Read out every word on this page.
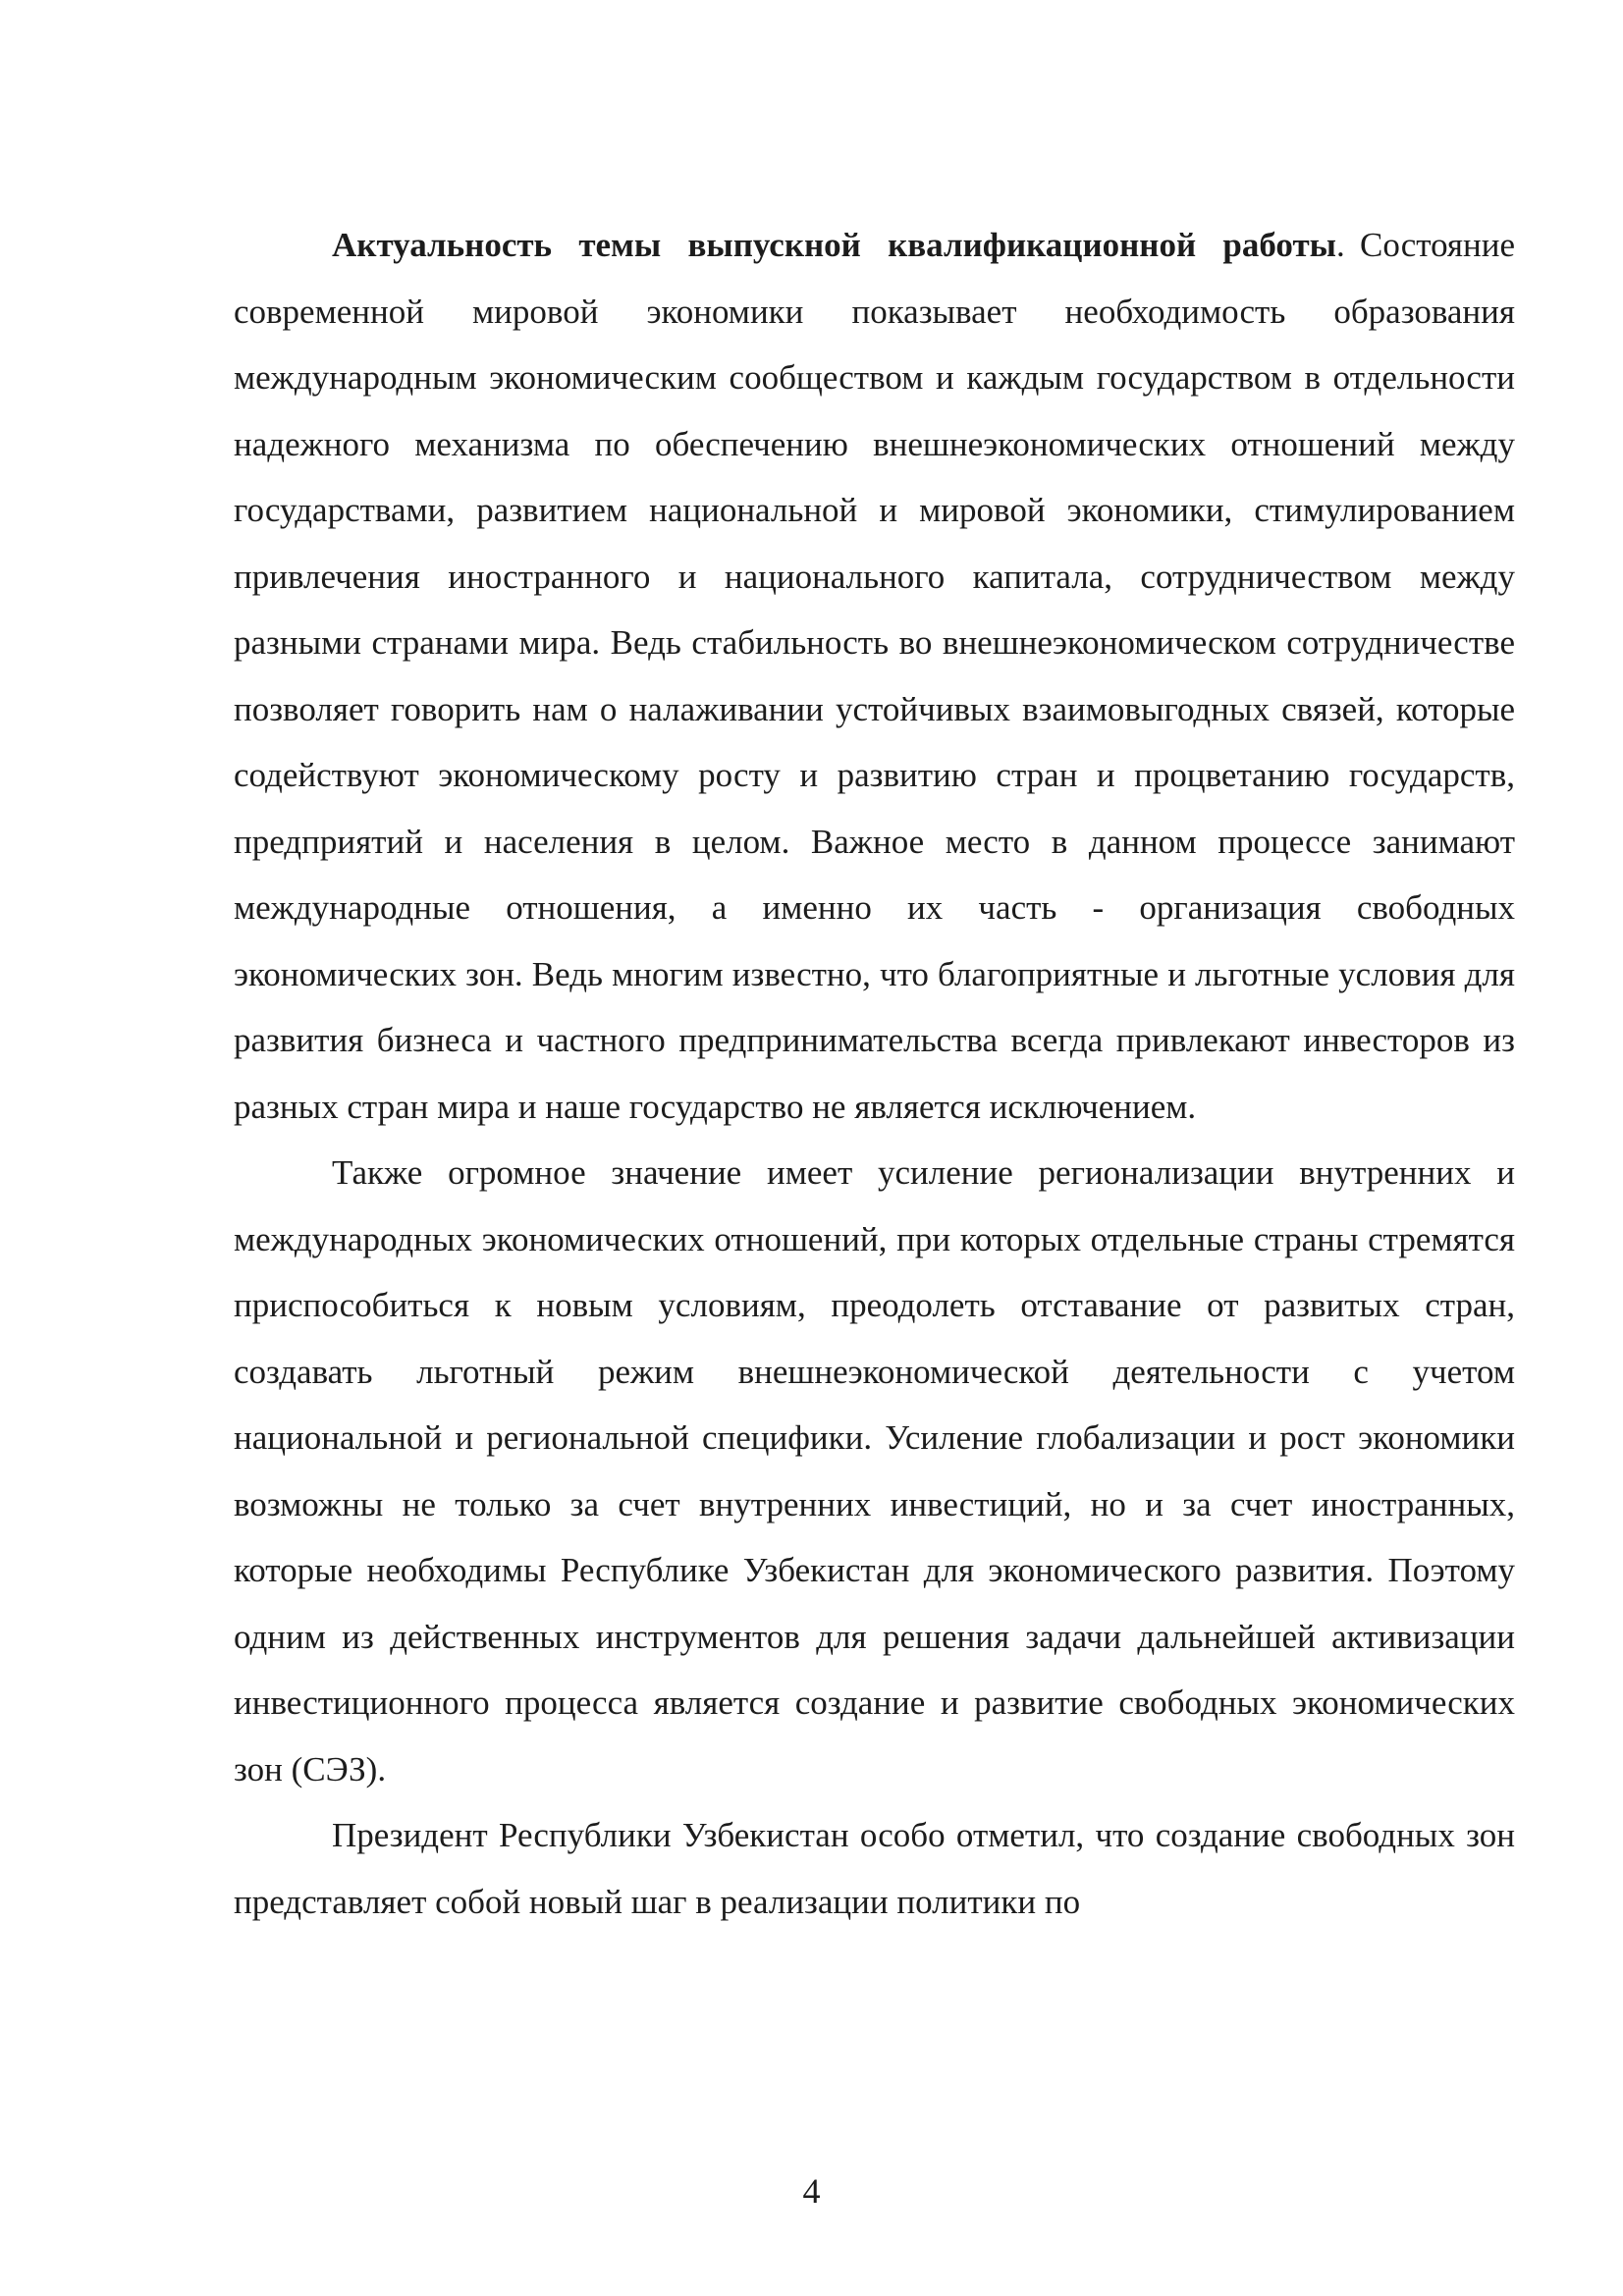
Актуальность темы выпускной квалификационной работы. Состояние современной мировой экономики показывает необходимость образования международным экономическим сообществом и каждым государством в отдельности надежного механизма по обеспечению внешнеэкономических отношений между государствами, развитием национальной и мировой экономики, стимулированием привлечения иностранного и национального капитала, сотрудничеством между разными странами мира. Ведь стабильность во внешнеэкономическом сотрудничестве позволяет говорить нам о налаживании устойчивых взаимовыгодных связей, которые содействуют экономическому росту и развитию стран и процветанию государств, предприятий и населения в целом. Важное место в данном процессе занимают международные отношения, а именно их часть - организация свободных экономических зон. Ведь многим известно, что благоприятные и льготные условия для развития бизнеса и частного предпринимательства всегда привлекают инвесторов из разных стран мира и наше государство не является исключением.

Также огромное значение имеет усиление регионализации внутренних и международных экономических отношений, при которых отдельные страны стремятся приспособиться к новым условиям, преодолеть отставание от развитых стран, создавать льготный режим внешнеэкономической деятельности с учетом национальной и региональной специфики. Усиление глобализации и рост экономики возможны не только за счет внутренних инвестиций, но и за счет иностранных, которые необходимы Республике Узбекистан для экономического развития. Поэтому одним из действенных инструментов для решения задачи дальнейшей активизации инвестиционного процесса является создание и развитие свободных экономических зон (СЭЗ).

Президент Республики Узбекистан особо отметил, что создание свободных зон представляет собой новый шаг в реализации политики по

4
